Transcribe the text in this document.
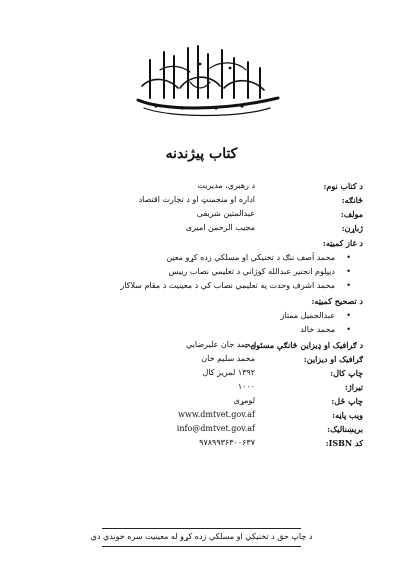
کتاب پیژندنه
د کتاب نوم:
د رهبري، مديريت
څانګه:
اداره او منجمنټ او د تجارت اقتصاد
مولف:
عبدالمتین شریفی
ژباړن:
مجیب الرحمن امیری
د غاز کمیټه:
•
محمد آصف ننګ د تخنیکي او مسلکي زده کړو معین
•
دیپلوم انجنیر عبدالله کوژاني د تعلیمي نصاب رییس
•
محمد اشرف وحدت په تعلیمي نصاب کې د معینیت د مقام سلاکار
د تصحیح کمیټه:
•
عبدالجمیل ممتاز
•
محمد خالد
د ګرافیک او ډیزاین څانګې مسئول :
محمد جان علیرضایي
ګرافیک او دیزاین:
محمد سلیم خان
چاپ کال:
۱۳۹۲ لمریز کال
تیراژ:
۱۰۰۰
چاپ ځل:
لومړی
ویب پاڼه:
www.dmtvet.gov.af
بریښنالیک:
info@dmtvet.gov.af
کد ISBN:
۹۷۸۹۹۳۶۳۰۰۶۳۷
د چاپ حق د تخنیکي او مسلکي زده کړو له معینیت سره خوندي دي
